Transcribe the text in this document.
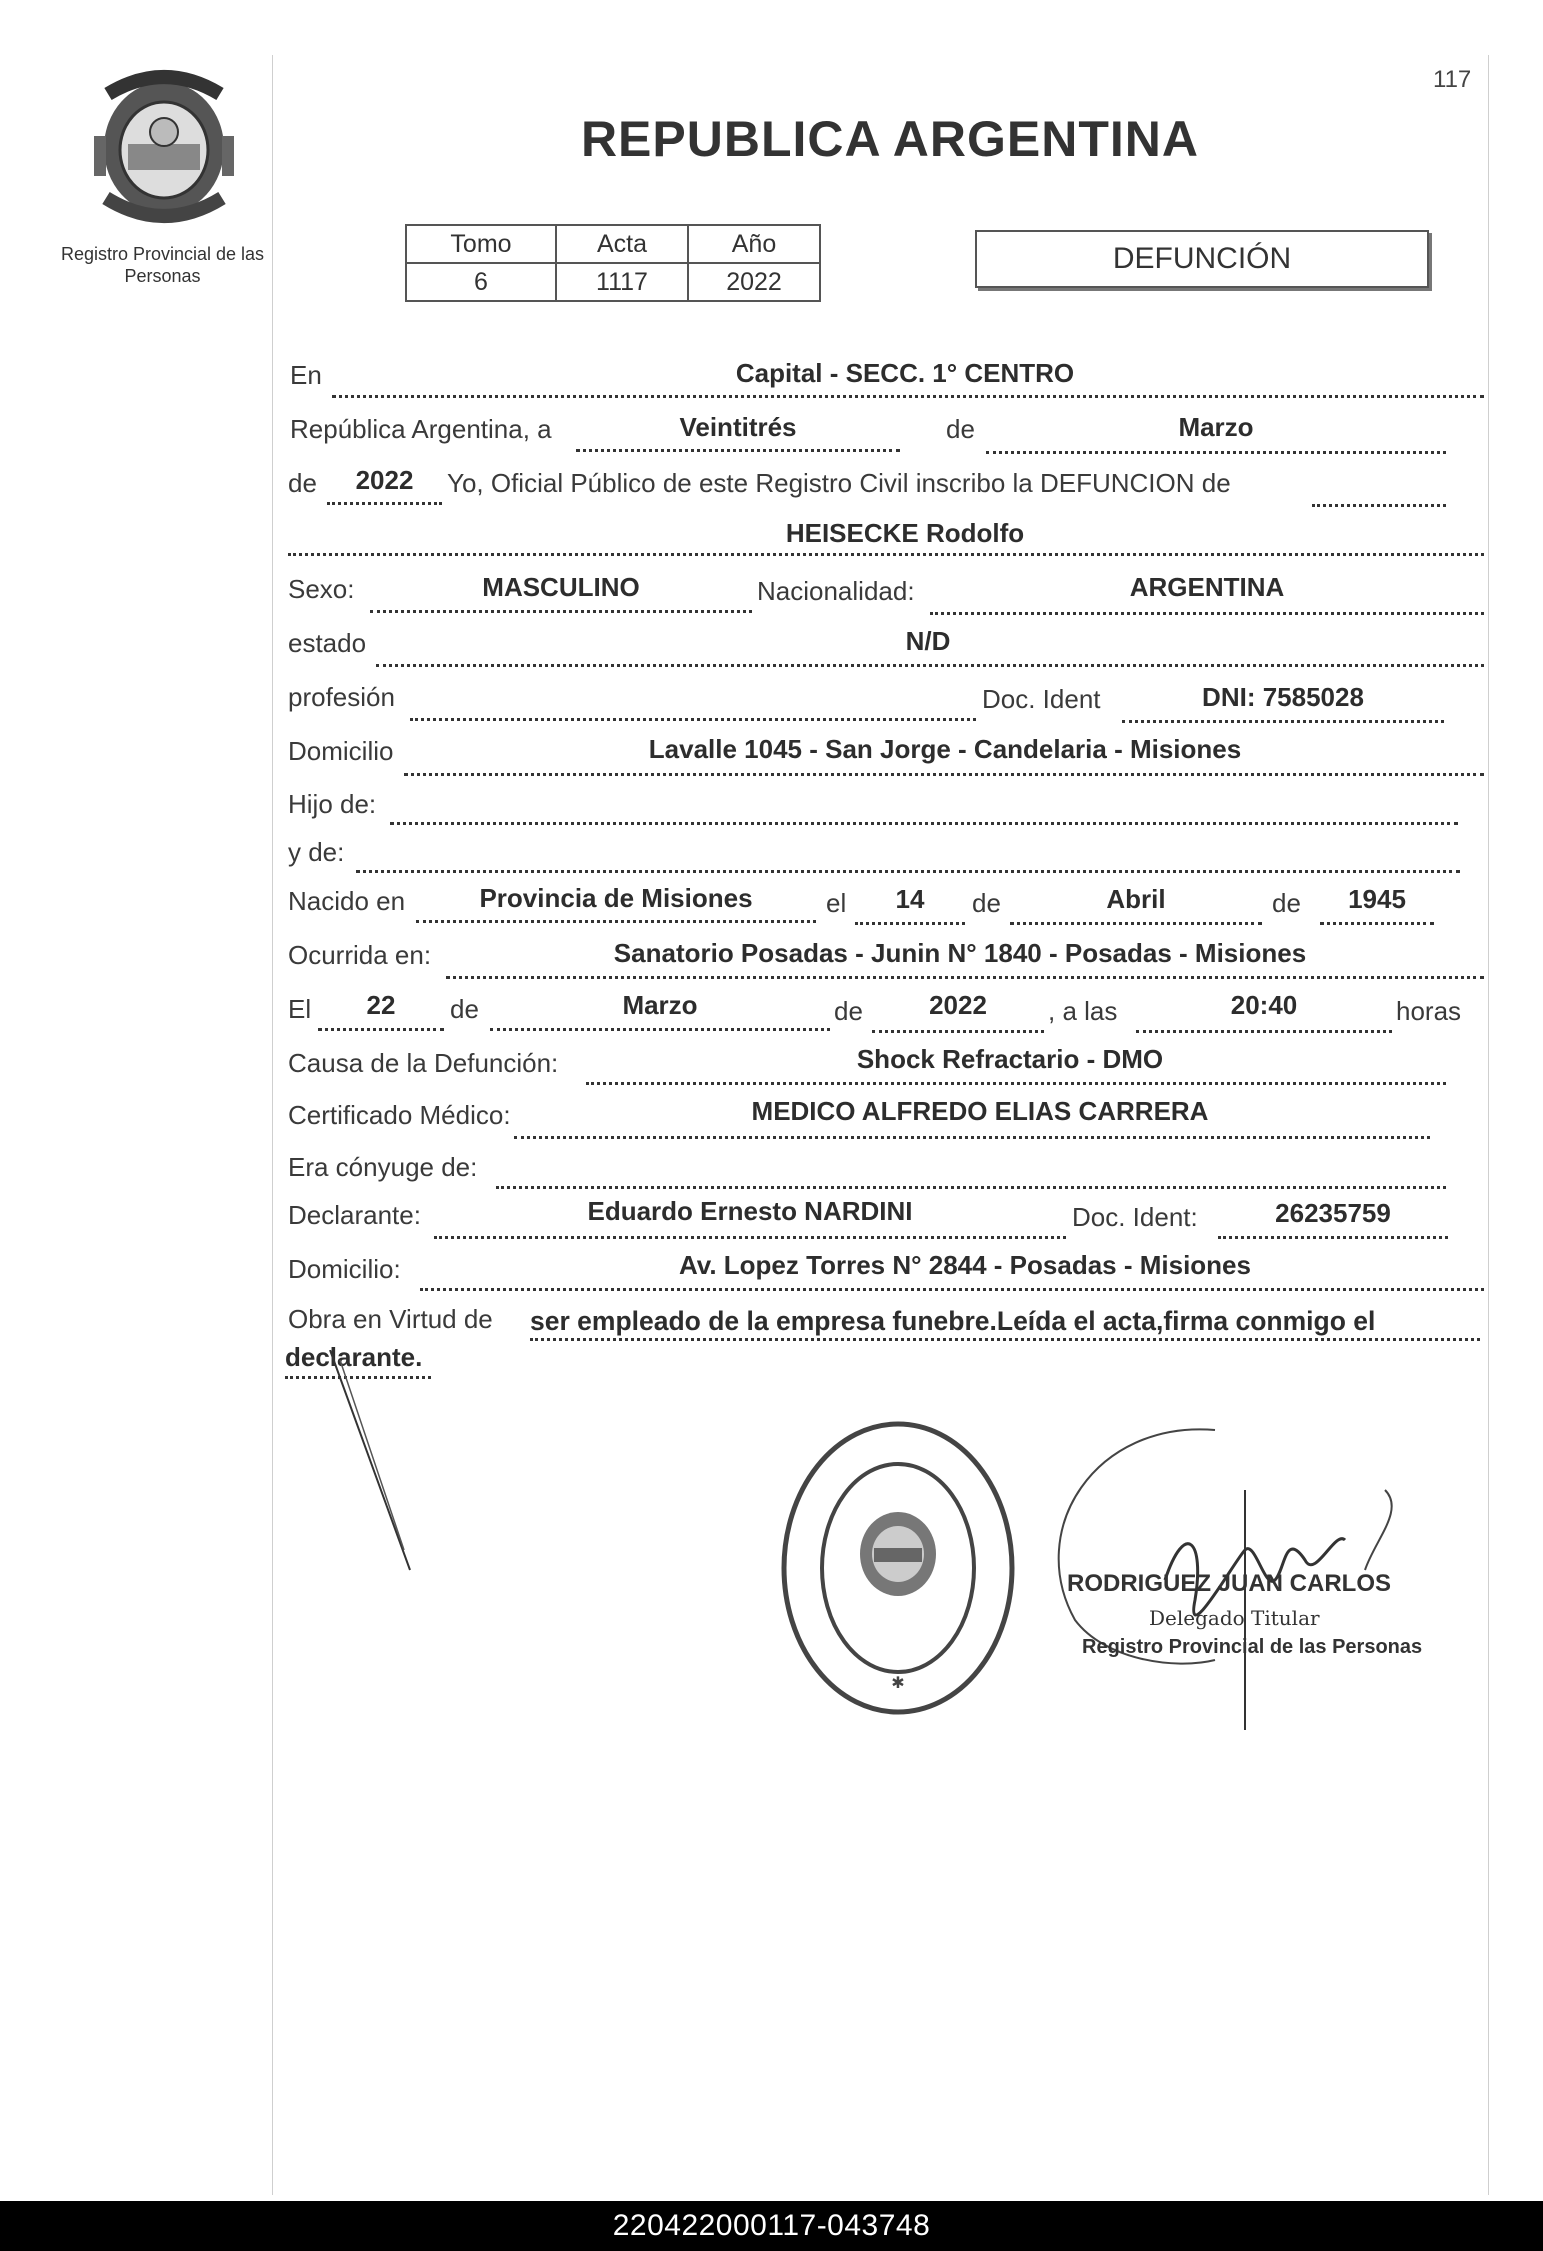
117
Registro Provincial de las Personas
REPUBLICA ARGENTINA
Tomo	Acta	Año
6	1117	2022
DEFUNCIÓN
En	Capital - SECC. 1° CENTRO
República Argentina, a	Veintitrés	de	Marzo
de	2022	Yo, Oficial Público de este Registro Civil inscribo la DEFUNCION de
HEISECKE Rodolfo
Sexo:	MASCULINO	Nacionalidad:	ARGENTINA
estado	N/D
profesión	Doc. Ident	DNI: 7585028
Domicilio	Lavalle 1045 - San Jorge - Candelaria - Misiones
Hijo de:
y de:
Nacido en	Provincia de Misiones	el	14	de	Abril	de	1945
Ocurrida en:	Sanatorio Posadas - Junin N° 1840 - Posadas - Misiones
El	22	de	Marzo	de	2022	, a las	20:40	horas
Causa de la Defunción:	Shock Refractario - DMO
Certificado Médico:	MEDICO ALFREDO ELIAS CARRERA
Era cónyuge de:
Declarante:	Eduardo Ernesto NARDINI	Doc. Ident:	26235759
Domicilio:	Av. Lopez Torres N° 2844 - Posadas - Misiones
Obra en Virtud de ser empleado de la empresa funebre.Leída el acta,firma conmigo el
declarante.
✱
RODRIGUEZ JUAN CARLOS
Delegado Titular
Registro Provincial de las Personas
220422000117-043748
